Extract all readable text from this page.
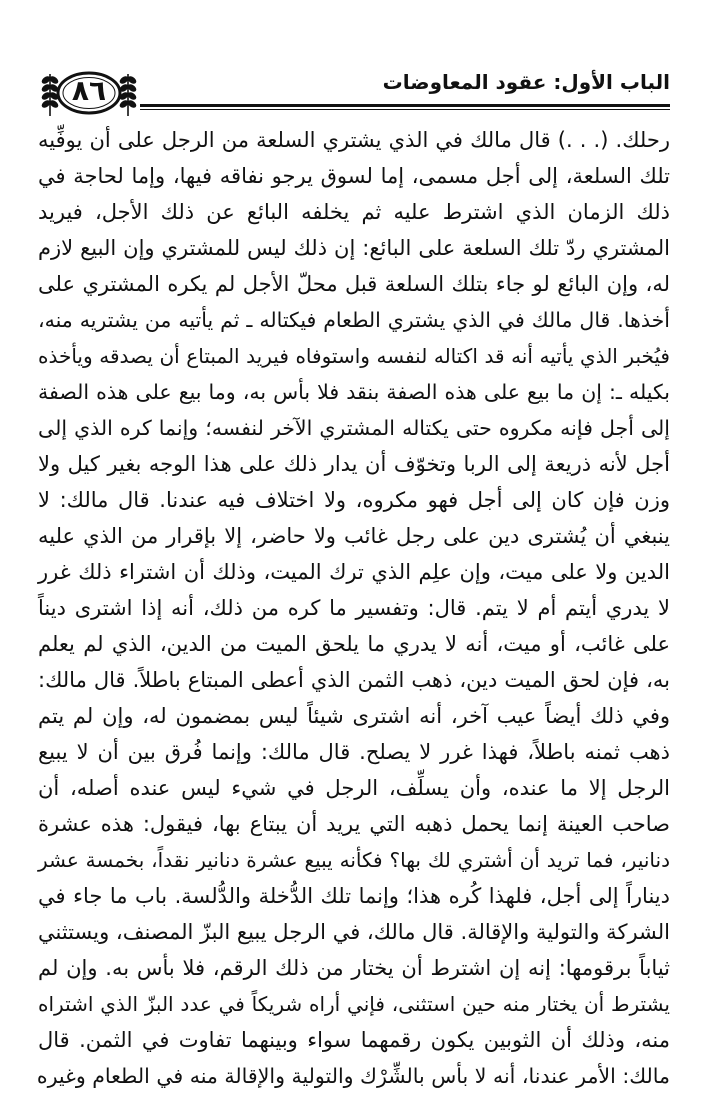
الباب الأول: عقود المعاوضات
٨٦
رحلك. (. . .) قال مالك في الذي يشتري السلعة من الرجل على أن يوفِّيه
تلك السلعة، إلى أجل مسمى، إما لسوق يرجو نفاقه فيها، وإما لحاجة في
ذلك الزمان الذي اشترط عليه ثم يخلفه البائع عن ذلك الأجل، فيريد
المشتري ردّ تلك السلعة على البائع: إن ذلك ليس للمشتري وإن البيع لازم
له، وإن البائع لو جاء بتلك السلعة قبل محلّ الأجل لم يكره المشتري على
أخذها. قال مالك في الذي يشتري الطعام فيكتاله ـ ثم يأتيه من يشتريه منه،
فيُخبر الذي يأتيه أنه قد اكتاله لنفسه واستوفاه فيريد المبتاع أن يصدقه ويأخذه
بكيله ـ: إن ما بيع على هذه الصفة بنقد فلا بأس به، وما بيع على هذه الصفة
إلى أجل فإنه مكروه حتى يكتاله المشتري الآخر لنفسه؛ وإنما كره الذي إلى
أجل لأنه ذريعة إلى الربا وتخوّف أن يدار ذلك على هذا الوجه بغير كيل ولا
وزن فإن كان إلى أجل فهو مكروه، ولا اختلاف فيه عندنا. قال مالك: لا
ينبغي أن يُشترى دين على رجل غائب ولا حاضر، إلا بإقرار من الذي عليه
الدين ولا على ميت، وإن علِم الذي ترك الميت، وذلك أن اشتراء ذلك غرر
لا يدري أيتم أم لا يتم. قال: وتفسير ما كره من ذلك، أنه إذا اشترى ديناً
على غائب، أو ميت، أنه لا يدري ما يلحق الميت من الدين، الذي لم يعلم
به، فإن لحق الميت دين، ذهب الثمن الذي أعطى المبتاع باطلاً. قال مالك:
وفي ذلك أيضاً عيب آخر، أنه اشترى شيئاً ليس بمضمون له، وإن لم يتم
ذهب ثمنه باطلاً، فهذا غرر لا يصلح. قال مالك: وإنما فُرق بين أن لا يبيع
الرجل إلا ما عنده، وأن يسلِّف، الرجل في شيء ليس عنده أصله، أن
صاحب العينة إنما يحمل ذهبه التي يريد أن يبتاع بها، فيقول: هذه عشرة
دنانير، فما تريد أن أشتري لك بها؟ فكأنه يبيع عشرة دنانير نقداً، بخمسة عشر
ديناراً إلى أجل، فلهذا كُره هذا؛ وإنما تلك الدُّخلة والدُّلسة. باب ما جاء في
الشركة والتولية والإقالة. قال مالك، في الرجل يبيع البزّ المصنف، ويستثني
ثياباً برقومها: إنه إن اشترط أن يختار من ذلك الرقم، فلا بأس به. وإن لم
يشترط أن يختار منه حين استثنى، فإني أراه شريكاً في عدد البزّ الذي اشتراه
منه، وذلك أن الثوبين يكون رقمهما سواء وبينهما تفاوت في الثمن. قال
مالك: الأمر عندنا، أنه لا بأس بالشِّرْك والتولية والإقالة منه في الطعام وغيره
